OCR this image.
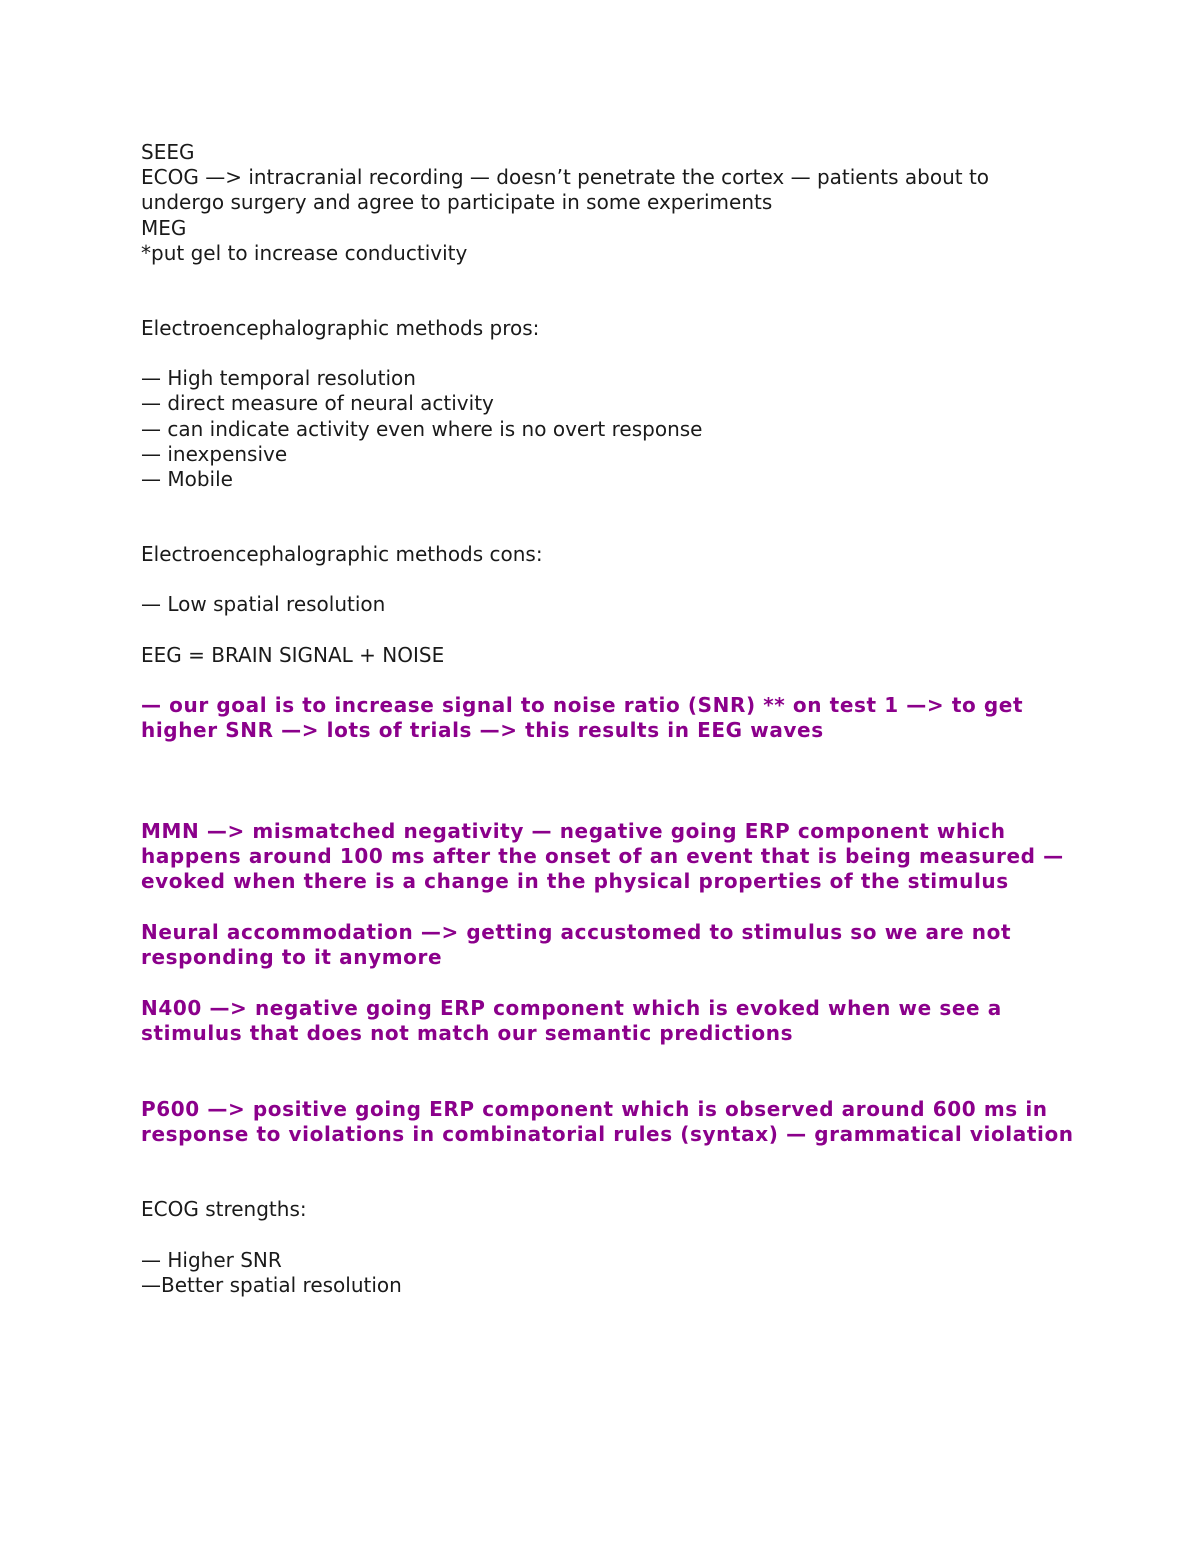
SEEG
ECOG —> intracranial recording — doesn’t penetrate the cortex — patients about to undergo surgery and agree to participate in some experiments
MEG
*put gel to increase conductivity
Electroencephalographic methods pros:
— High temporal resolution
— direct measure of neural activity
— can indicate activity even where is no overt response
— inexpensive
— Mobile
Electroencephalographic methods cons:
— Low spatial resolution
EEG = BRAIN SIGNAL + NOISE
— our goal is to increase signal to noise ratio (SNR) ** on test 1 —> to get higher SNR —> lots of trials —> this results in EEG waves
MMN —> mismatched negativity — negative going ERP component which happens around 100 ms after the onset of an event that is being measured — evoked when there is a change in the physical properties of the stimulus
Neural accommodation —> getting accustomed to stimulus so we are not responding to it anymore
N400 —> negative going ERP component which is evoked when we see a stimulus that does not match our semantic predictions
P600 —> positive going ERP component which is observed around 600 ms in response to violations in combinatorial rules (syntax) — grammatical violation
ECOG strengths:
— Higher SNR
—Better spatial resolution
